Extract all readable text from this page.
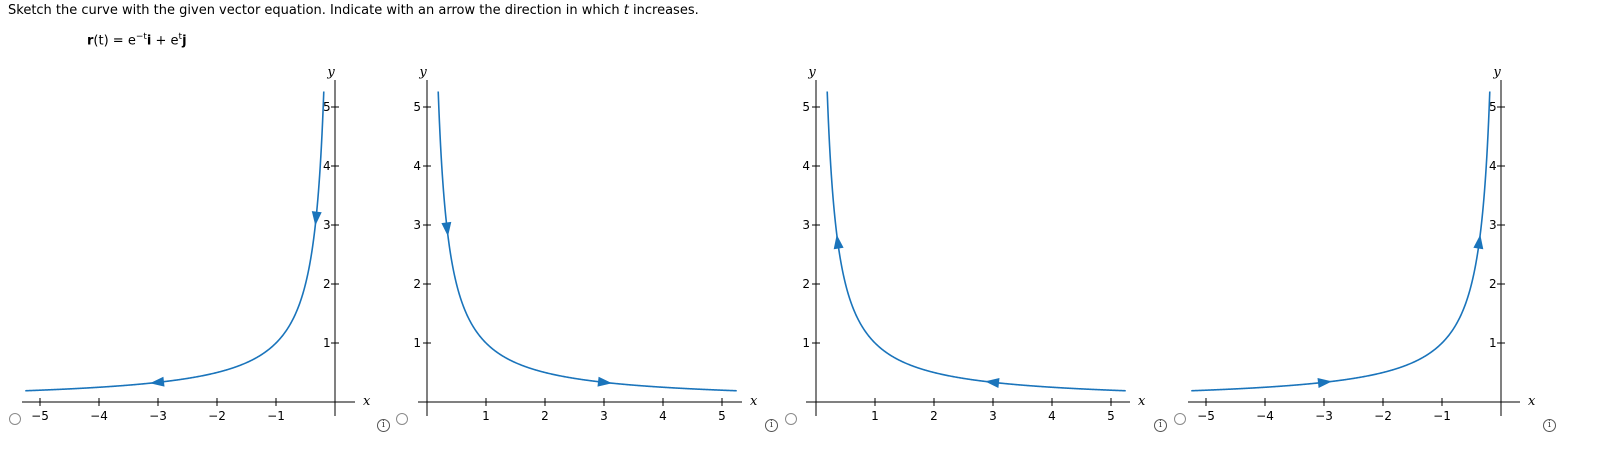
Sketch the curve with the given vector equation. Indicate with an arrow the direction in which t increases.

$r(t) = e^{-t}i + e^tj$
i
x
y
−5	−4	−3	−2	−1
1
2
3
4
5
i
x
y
1	2	3	4	5
1
2
3
4
5
i
x
y
1	2	3	4	5
1
2
3
4
5
i
x
y
−5	−4	−3	−2	−1
1
2
3
4
5
